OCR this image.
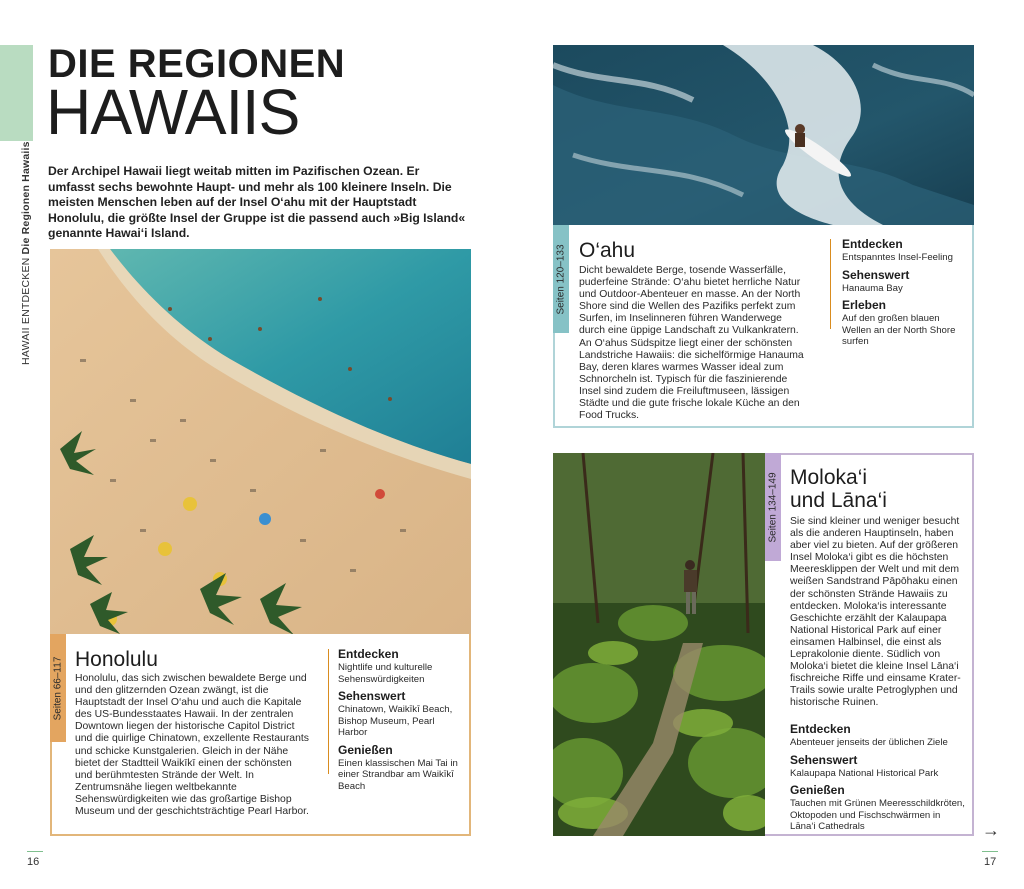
HAWAII ENTDECKEN Die Regionen Hawaiis
DIE REGIONEN
HAWAIIS

Der Archipel Hawaii liegt weitab mitten im Pazifischen Ozean. Er umfasst sechs bewohnte Haupt- und mehr als 100 kleinere Inseln. Die meisten Menschen leben auf der Insel O‘ahu mit der Hauptstadt Honolulu, die größte Insel der Gruppe ist die passend auch »Big Island« genannte Hawai‘i Island.

Seiten 66–117 Honolulu

Honolulu, das sich zwischen bewaldete Berge und und den glitzernden Ozean zwängt, ist die Hauptstadt der Insel O‘ahu und auch die Kapitale des US-Bundesstaates Hawaii. In der zentralen Downtown liegen der historische Capitol District und die quirlige Chinatown, exzellente Restaurants und schicke Kunstgalerien. Gleich in der Nähe bietet der Stadtteil Waikīkī einen der schönsten und berühmtesten Strände der Welt. In Zentrumsnähe liegen weltbekannte Sehenswürdigkeiten wie das großartige Bishop Museum und der geschichtsträchtige Pearl Harbor.

Entdecken

Nightlife und kulturelle Sehenswürdigkeiten

Sehenswert

Chinatown, Waikīkī Beach, Bishop Museum, Pearl Harbor

Genießen

Einen klassischen Mai Tai in einer Strandbar am Waikīkī Beach

Seiten 120–133 O‘ahu

Dicht bewaldete Berge, tosende Wasserfälle, puderfeine Strände: O‘ahu bietet herrliche Natur und Outdoor-Abenteuer en masse. An der North Shore sind die Wellen des Pazifiks perfekt zum Surfen, im Inselinneren führen Wanderwege durch eine üppige Landschaft zu Vulkankratern. An O‘ahus Südspitze liegt einer der schönsten Landstriche Hawaiis: die sichelförmige Hanauma Bay, deren klares warmes Wasser ideal zum Schnorcheln ist. Typisch für die faszinierende Insel sind zudem die Freiluftmuseen, lässigen Städte und die gute frische lokale Küche an den Food Trucks.

Entdecken

Entspanntes Insel-Feeling

Sehenswert

Hanauma Bay

Erleben

Auf den großen blauen Wellen an der North Shore surfen

Seiten 134–149 Moloka‘i
und Lāna‘i

Sie sind kleiner und weniger besucht als die anderen Hauptinseln, haben aber viel zu bieten. Auf der größeren Insel Moloka‘i gibt es die höchsten Meeresklippen der Welt und mit dem weißen Sandstrand Pāpōhaku einen der schönsten Strände Hawaiis zu entdecken. Moloka‘is interessante Geschichte erzählt der Kalaupapa National Historical Park auf einer einsamen Halbinsel, die einst als Leprakolonie diente. Südlich von Moloka‘i bietet die kleine Insel Lāna‘i fischreiche Riffe und einsame Krater-Trails sowie uralte Petroglyphen und historische Ruinen.

Entdecken

Abenteuer jenseits der üblichen Ziele

Sehenswert

Kalaupapa National Historical Park

Genießen

Tauchen mit Grünen Meeresschildkröten, Oktopoden und Fischschwärmen in Lāna‘i Cathedrals

16	17
→
